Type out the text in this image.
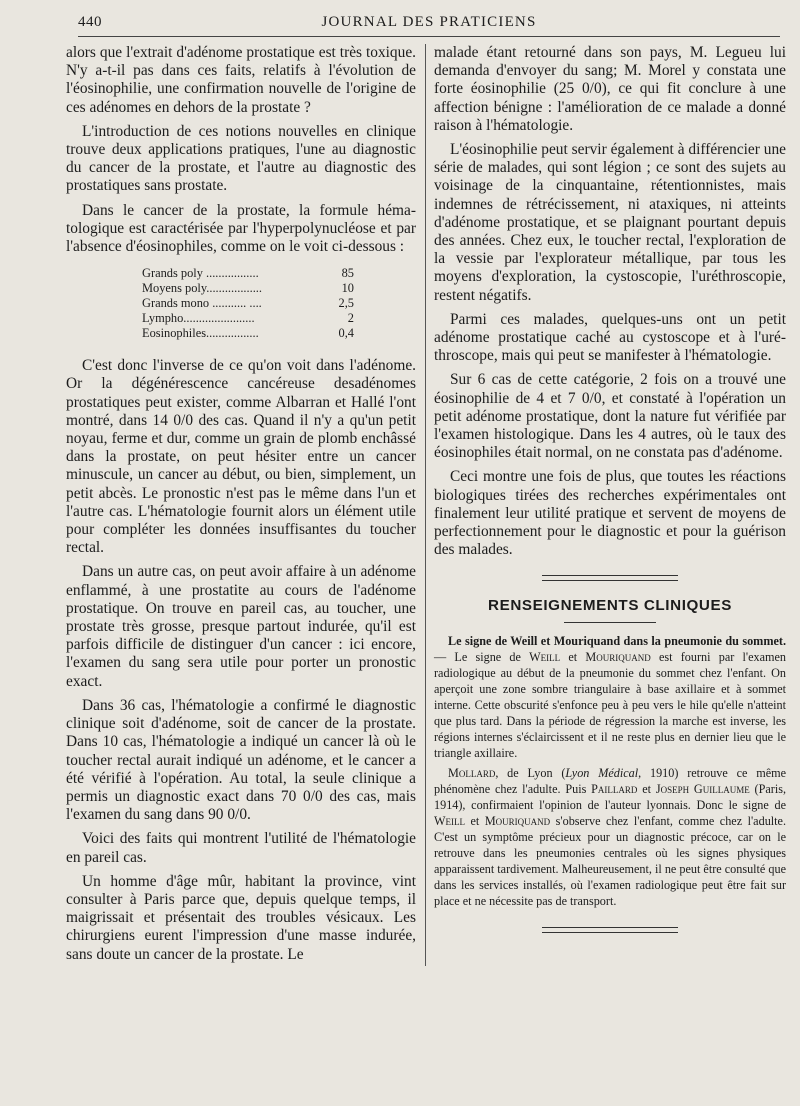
440	JOURNAL DES PRATICIENS

alors que l'extrait d'adénome prostatique est très toxique. N'y a-t-il pas dans ces faits, relatifs à l'évolution de l'éosinophilie, une confirmation nouvelle de l'origine de ces adénomes en dehors de la prostate ?

L'introduction de ces notions nouvelles en clinique trouve deux applications pratiques, l'une au diagnostic du cancer de la prostate, et l'autre au diagnostic des prostatiques sans prostate.

Dans le cancer de la prostate, la formule hématologique est caractérisée par l'hyperpolynucléose et par l'absence d'éosinophiles, comme on le voit ci-dessous :

Grands poly .................	85
Moyens poly..................	10
Grands mono ........... ....	2,5
Lympho.......................	2
Eosinophiles.................	0,4

C'est donc l'inverse de ce qu'on voit dans l'adénome. Or la dégénérescence cancéreuse desadénomes prostatiques peut exister, comme Albarran et Hallé l'ont montré, dans 14 0/0 des cas. Quand il n'y a qu'un petit noyau, ferme et dur, comme un grain de plomb enchâssé dans la prostate, on peut hésiter entre un cancer minuscule, un cancer au début, ou bien, simplement, un petit abcès. Le pronostic n'est pas le même dans l'un et l'autre cas. L'hématologie fournit alors un élément utile pour compléter les données insuffisantes du toucher rectal.

Dans un autre cas, on peut avoir affaire à un adénome enflammé, à une prostatite au cours de l'adénome prostatique. On trouve en pareil cas, au toucher, une prostate très grosse, presque partout indurée, qu'il est parfois difficile de distinguer d'un cancer : ici encore, l'examen du sang sera utile pour porter un pronostic exact.

Dans 36 cas, l'hématologie a confirmé le diagnostic clinique soit d'adénome, soit de cancer de la prostate. Dans 10 cas, l'hématologie a indiqué un cancer là où le toucher rectal aurait indiqué un adénome, et le cancer a été vérifié à l'opération. Au total, la seule clinique a permis un diagnostic exact dans 70 0/0 des cas, mais l'examen du sang dans 90 0/0.

Voici des faits qui montrent l'utilité de l'hématologie en pareil cas.

Un homme d'âge mûr, habitant la province, vint consulter à Paris parce que, depuis quelque temps, il maigrissait et présentait des troubles vésicaux. Les chirurgiens eurent l'impression d'une masse indurée, sans doute un cancer de la prostate. Le

malade étant retourné dans son pays, M. Legueu lui demanda d'envoyer du sang; M. Morel y constata une forte éosinophilie (25 0/0), ce qui fit conclure à une affection bénigne : l'amélioration de ce malade a donné raison à l'hématologie.

L'éosinophilie peut servir également à différencier une série de malades, qui sont légion ; ce sont des sujets au voisinage de la cinquantaine, rétentionnistes, mais indemnes de rétrécissement, ni ataxiques, ni atteints d'adénome prostatique, et se plaignant pourtant depuis des années. Chez eux, le toucher rectal, l'exploration de la vessie par l'explorateur métallique, par tous les moyens d'exploration, la cystoscopie, l'uréthroscopie, restent négatifs.

Parmi ces malades, quelques-uns ont un petit adénome prostatique caché au cystoscope et à l'uréthroscope, mais qui peut se manifester à l'hématologie.

Sur 6 cas de cette catégorie, 2 fois on a trouvé une éosinophilie de 4 et 7 0/0, et constaté à l'opération un petit adénome prostatique, dont la nature fut vérifiée par l'examen histologique. Dans les 4 autres, où le taux des éosinophiles était normal, on ne constata pas d'adénome.

Ceci montre une fois de plus, que toutes les réactions biologiques tirées des recherches expérimentales ont finalement leur utilité pratique et servent de moyens de perfectionnement pour le diagnostic et pour la guérison des malades.

RENSEIGNEMENTS CLINIQUES

Le signe de Weill et Mouriquand dans la pneumonie du sommet. — Le signe de Weill et Mouriquand est fourni par l'examen radiologique au début de la pneumonie du sommet chez l'enfant. On aperçoit une zone sombre triangulaire à base axillaire et à sommet interne. Cette obscurité s'enfonce peu à peu vers le hile qu'elle n'atteint que plus tard. Dans la période de régression la marche est inverse, les régions internes s'éclaircissent et il ne reste plus en dernier lieu que le triangle axillaire.

Mollard, de Lyon (Lyon Médical, 1910) retrouve ce même phénomène chez l'adulte. Puis Paillard et Joseph Guillaume (Paris, 1914), confirmaient l'opinion de l'auteur lyonnais. Donc le signe de Weill et Mouriquand s'observe chez l'enfant, comme chez l'adulte. C'est un symptôme précieux pour un diagnostic précoce, car on le retrouve dans les pneumonies centrales où les signes physiques apparaissent tardivement. Malheureusement, il ne peut être consulté que dans les services installés, où l'examen radiologique peut être fait sur place et ne nécessite pas de transport.
